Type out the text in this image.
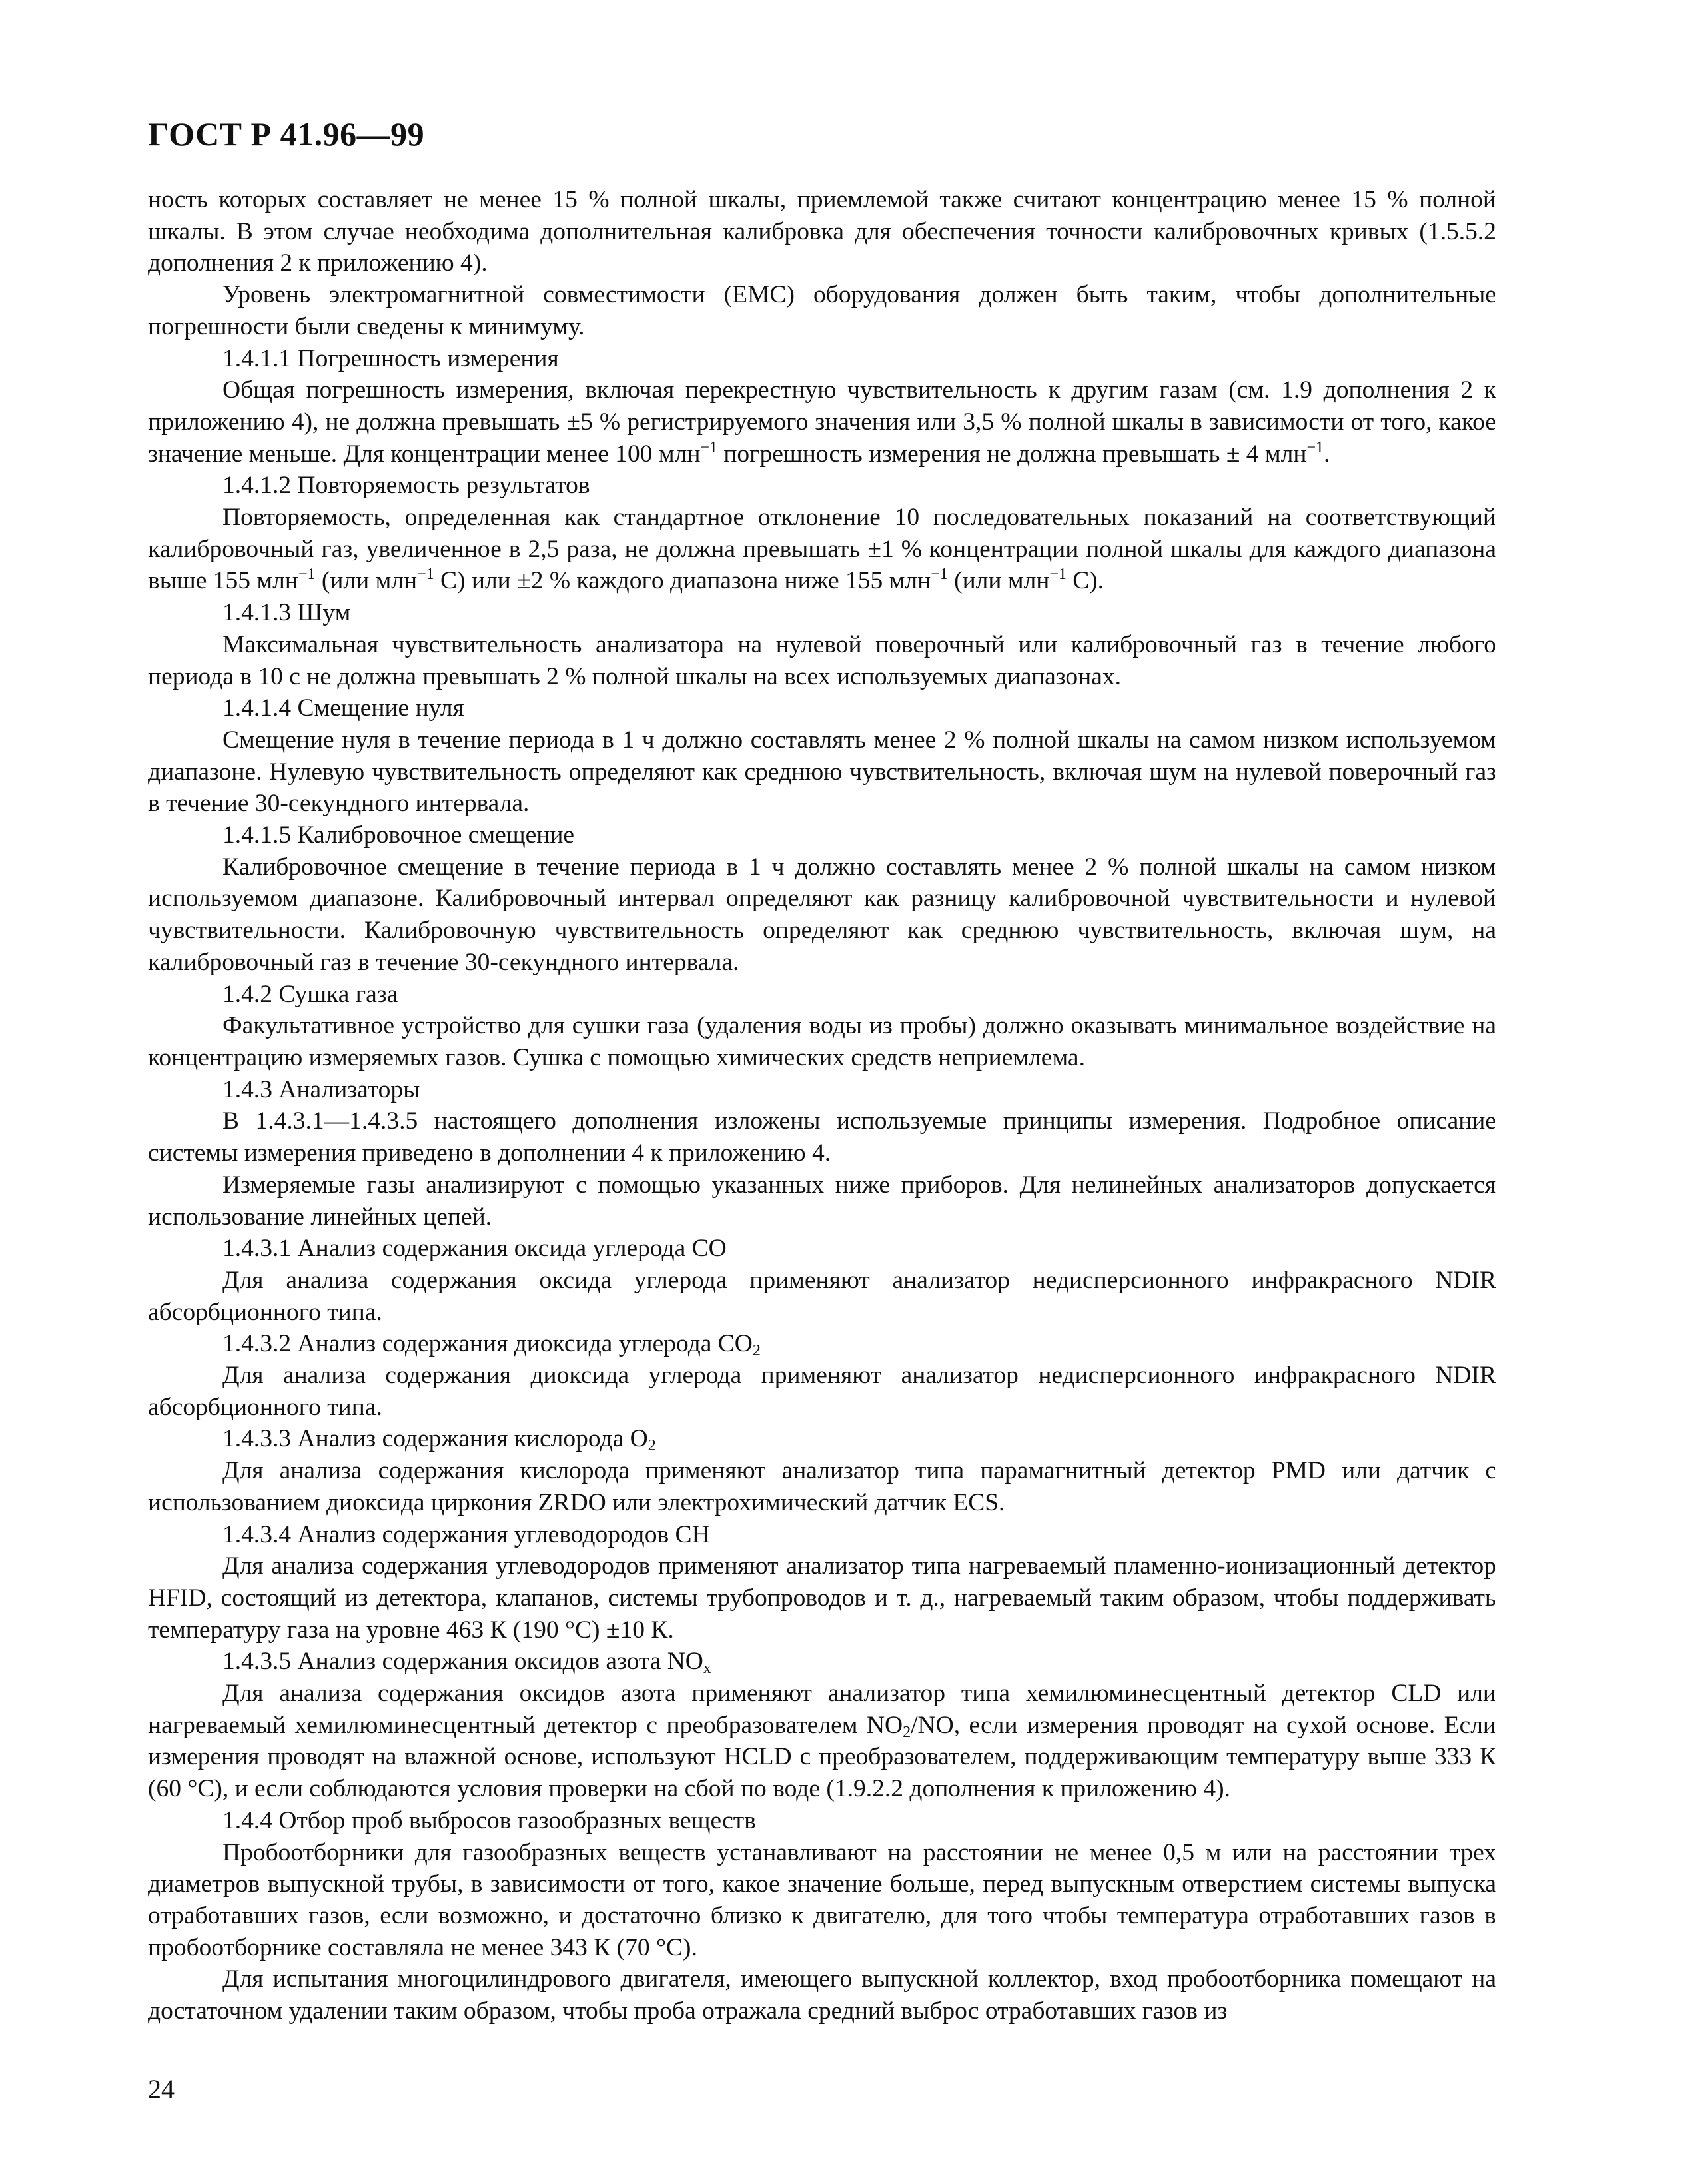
ГОСТ Р 41.96—99

ность которых составляет не менее 15 % полной шкалы, приемлемой также считают концентрацию менее 15 % полной шкалы. В этом случае необходима дополнительная калибровка для обеспечения точности калибровочных кривых (1.5.5.2 дополнения 2 к приложению 4).

Уровень электромагнитной совместимости (EMC) оборудования должен быть таким, чтобы дополнительные погрешности были сведены к минимуму.

1.4.1.1 Погрешность измерения

Общая погрешность измерения, включая перекрестную чувствительность к другим газам (см. 1.9 дополнения 2 к приложению 4), не должна превышать ±5 % регистрируемого значения или 3,5 % полной шкалы в зависимости от того, какое значение меньше. Для концентрации менее 100 млн$^{-1}$ погрешность измерения не должна превышать ± 4 млн$^{-1}$.

1.4.1.2 Повторяемость результатов

Повторяемость, определенная как стандартное отклонение 10 последовательных показаний на соответствующий калибровочный газ, увеличенное в 2,5 раза, не должна превышать ±1 % концентрации полной шкалы для каждого диапазона выше 155 млн$^{-1}$ (или млн$^{-1}$ С) или ±2 % каждого диапазона ниже 155 млн$^{-1}$ (или млн$^{-1}$ С).

1.4.1.3 Шум

Максимальная чувствительность анализатора на нулевой поверочный или калибровочный газ в течение любого периода в 10 с не должна превышать 2 % полной шкалы на всех используемых диапазонах.

1.4.1.4 Смещение нуля

Смещение нуля в течение периода в 1 ч должно составлять менее 2 % полной шкалы на самом низком используемом диапазоне. Нулевую чувствительность определяют как среднюю чувствительность, включая шум на нулевой поверочный газ в течение 30-секундного интервала.

1.4.1.5 Калибровочное смещение

Калибровочное смещение в течение периода в 1 ч должно составлять менее 2 % полной шкалы на самом низком используемом диапазоне. Калибровочный интервал определяют как разницу калибровочной чувствительности и нулевой чувствительности. Калибровочную чувствительность определяют как среднюю чувствительность, включая шум, на калибровочный газ в течение 30-секундного интервала.

1.4.2 Сушка газа

Факультативное устройство для сушки газа (удаления воды из пробы) должно оказывать минимальное воздействие на концентрацию измеряемых газов. Сушка с помощью химических средств неприемлема.

1.4.3 Анализаторы

В 1.4.3.1—1.4.3.5 настоящего дополнения изложены используемые принципы измерения. Подробное описание системы измерения приведено в дополнении 4 к приложению 4.

Измеряемые газы анализируют с помощью указанных ниже приборов. Для нелинейных анализаторов допускается использование линейных цепей.

1.4.3.1 Анализ содержания оксида углерода CO

Для анализа содержания оксида углерода применяют анализатор недисперсионного инфракрасного NDIR абсорбционного типа.

1.4.3.2 Анализ содержания диоксида углерода $CO_2$

Для анализа содержания диоксида углерода применяют анализатор недисперсионного инфракрасного NDIR абсорбционного типа.

1.4.3.3 Анализ содержания кислорода $O_2$

Для анализа содержания кислорода применяют анализатор типа парамагнитный детектор PMD или датчик с использованием диоксида циркония ZRDO или электрохимический датчик ECS.

1.4.3.4 Анализ содержания углеводородов CH

Для анализа содержания углеводородов применяют анализатор типа нагреваемый пламенно-ионизационный детектор HFID, состоящий из детектора, клапанов, системы трубопроводов и т. д., нагреваемый таким образом, чтобы поддерживать температуру газа на уровне 463 К (190 °C) ±10 К.

1.4.3.5 Анализ содержания оксидов азота $NO_x$

Для анализа содержания оксидов азота применяют анализатор типа хемилюминесцентный детектор CLD или нагреваемый хемилюминесцентный детектор с преобразователем $NO_2/NO$, если измерения проводят на сухой основе. Если измерения проводят на влажной основе, используют HCLD с преобразователем, поддерживающим температуру выше 333 К (60 °C), и если соблюдаются условия проверки на сбой по воде (1.9.2.2 дополнения к приложению 4).

1.4.4 Отбор проб выбросов газообразных веществ

Пробоотборники для газообразных веществ устанавливают на расстоянии не менее 0,5 м или на расстоянии трех диаметров выпускной трубы, в зависимости от того, какое значение больше, перед выпускным отверстием системы выпуска отработавших газов, если возможно, и достаточно близко к двигателю, для того чтобы температура отработавших газов в пробоотборнике составляла не менее 343 К (70 °C).

Для испытания многоцилиндрового двигателя, имеющего выпускной коллектор, вход пробоотборника помещают на достаточном удалении таким образом, чтобы проба отражала средний выброс отработавших газов из

24
